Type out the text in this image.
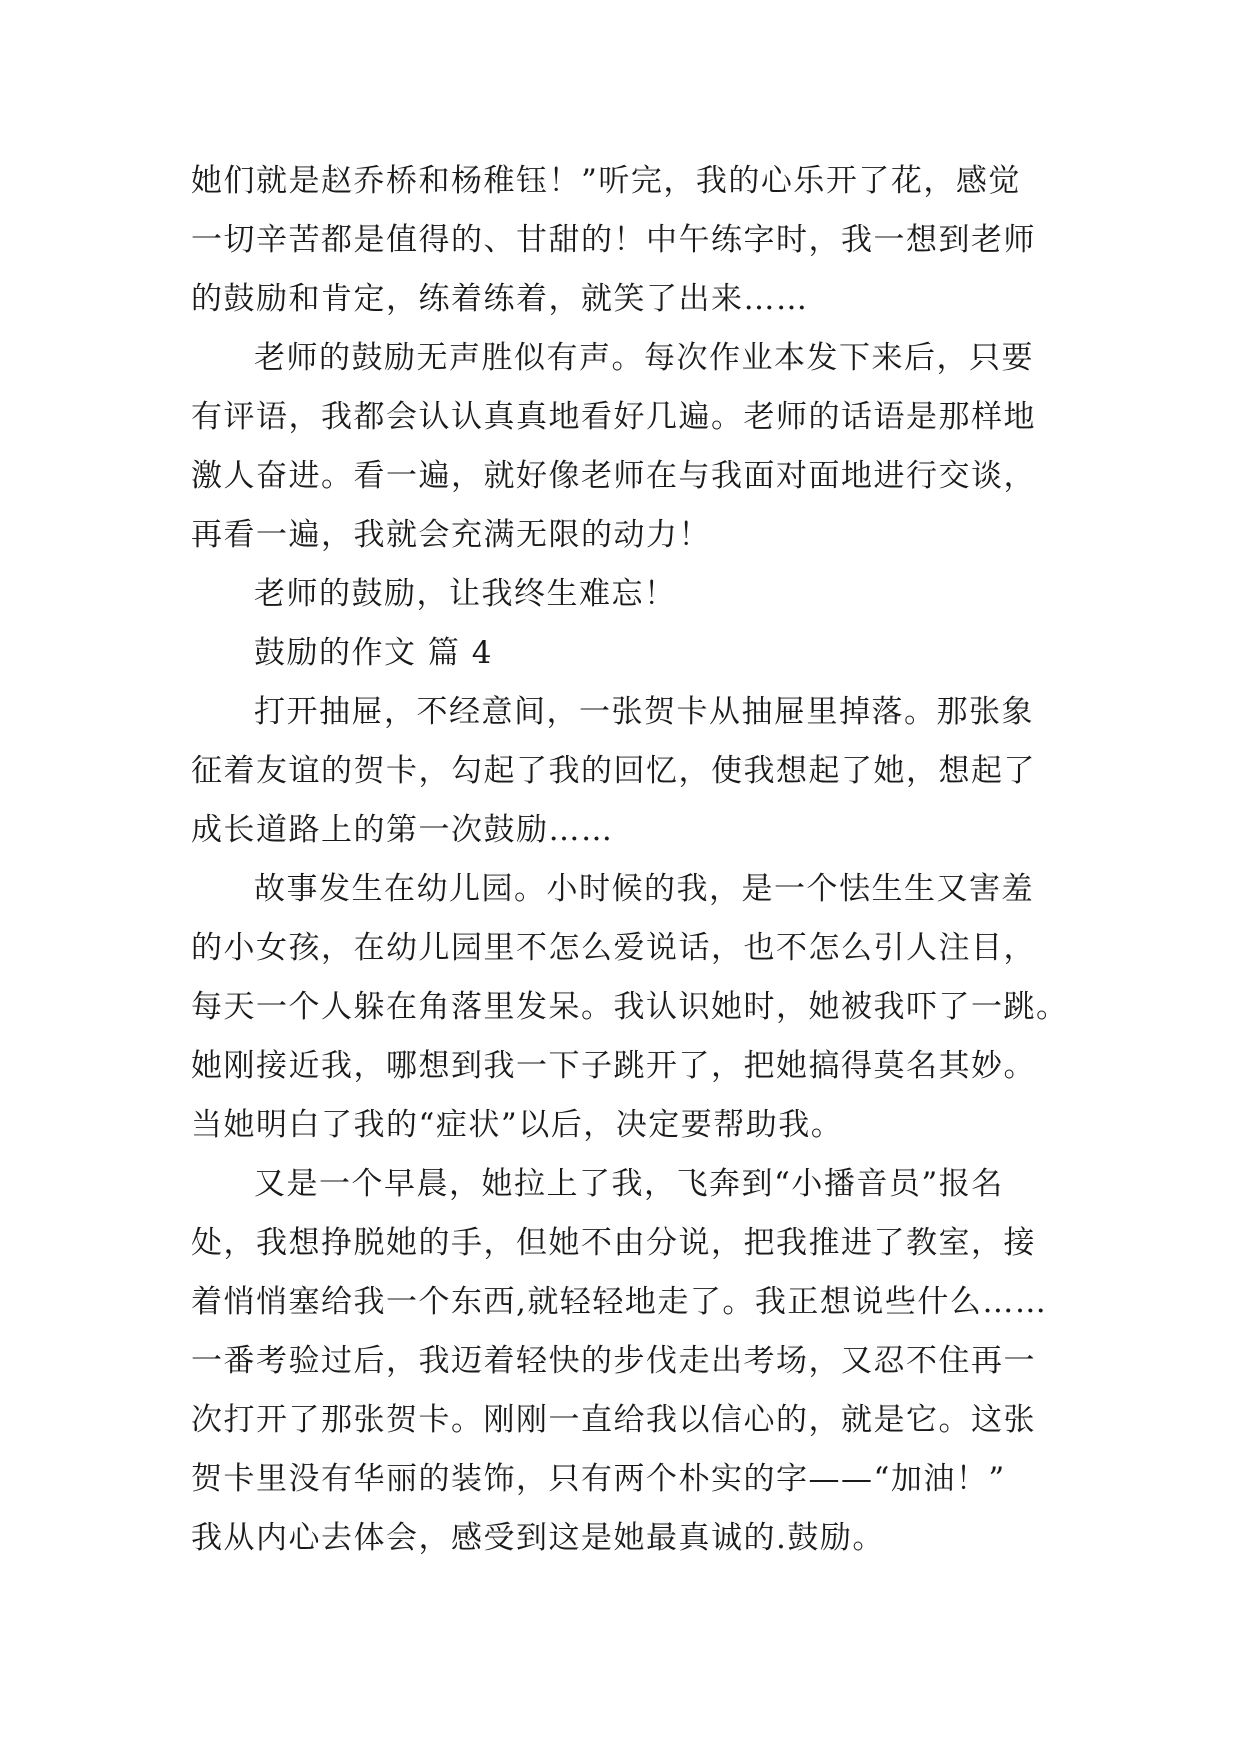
她们就是赵乔桥和杨稚钰！”听完，我的心乐开了花，感觉
一切辛苦都是值得的、甘甜的！中午练字时，我一想到老师
的鼓励和肯定，练着练着，就笑了出来……
老师的鼓励无声胜似有声。每次作业本发下来后，只要
有评语，我都会认认真真地看好几遍。老师的话语是那样地
激人奋进。看一遍，就好像老师在与我面对面地进行交谈，
再看一遍，我就会充满无限的动力！
老师的鼓励，让我终生难忘！
鼓励的作文 篇 4
打开抽屉，不经意间，一张贺卡从抽屉里掉落。那张象
征着友谊的贺卡，勾起了我的回忆，使我想起了她，想起了
成长道路上的第一次鼓励……
故事发生在幼儿园。小时候的我，是一个怯生生又害羞
的小女孩，在幼儿园里不怎么爱说话，也不怎么引人注目，
每天一个人躲在角落里发呆。我认识她时，她被我吓了一跳。
她刚接近我，哪想到我一下子跳开了，把她搞得莫名其妙。
当她明白了我的“症状”以后，决定要帮助我。
又是一个早晨，她拉上了我，飞奔到“小播音员”报名
处，我想挣脱她的手，但她不由分说，把我推进了教室，接
着悄悄塞给我一个东西,就轻轻地走了。我正想说些什么……
一番考验过后，我迈着轻快的步伐走出考场，又忍不住再一
次打开了那张贺卡。刚刚一直给我以信心的，就是它。这张
贺卡里没有华丽的装饰，只有两个朴实的字——“加油！”
我从内心去体会，感受到这是她最真诚的.鼓励。
